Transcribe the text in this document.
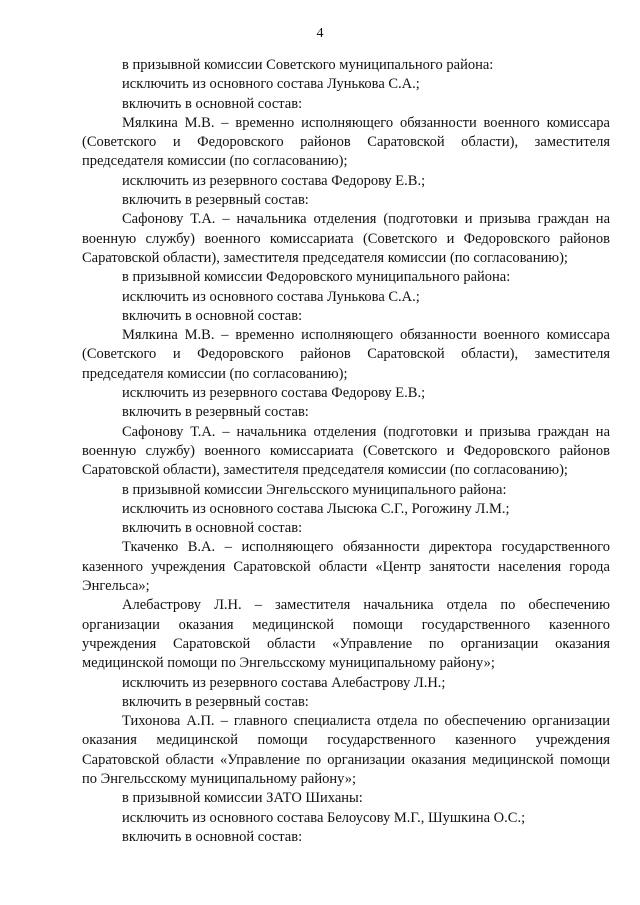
4

в призывной комиссии Советского муниципального района:

исключить из основного состава Лунькова С.А.;

включить в основной состав:

Мялкина М.В. – временно исполняющего обязанности военного комиссара (Советского и Федоровского районов Саратовской области), заместителя председателя комиссии (по согласованию);

исключить из резервного состава Федорову Е.В.;

включить в резервный состав:

Сафонову Т.А. – начальника отделения (подготовки и призыва граждан на военную службу) военного комиссариата (Советского и Федоровского районов Саратовской области), заместителя председателя комиссии (по согласованию);

в призывной комиссии Федоровского муниципального района:

исключить из основного состава Лунькова С.А.;

включить в основной состав:

Мялкина М.В. – временно исполняющего обязанности военного комиссара (Советского и Федоровского районов Саратовской области), заместителя председателя комиссии (по согласованию);

исключить из резервного состава Федорову Е.В.;

включить в резервный состав:

Сафонову Т.А. – начальника отделения (подготовки и призыва граждан на военную службу) военного комиссариата (Советского и Федоровского районов Саратовской области), заместителя председателя комиссии (по согласованию);

в призывной комиссии Энгельсского муниципального района:

исключить из основного состава Лысюка С.Г., Рогожину Л.М.;

включить в основной состав:

Ткаченко В.А. – исполняющего обязанности директора государственного казенного учреждения Саратовской области «Центр занятости населения города Энгельса»;

Алебастрову Л.Н. – заместителя начальника отдела по обеспечению организации оказания медицинской помощи государственного казенного учреждения Саратовской области «Управление по организации оказания медицинской помощи по Энгельсскому муниципальному району»;

исключить из резервного состава Алебастрову Л.Н.;

включить в резервный состав:

Тихонова А.П. – главного специалиста отдела по обеспечению организации оказания медицинской помощи государственного казенного учреждения Саратовской области «Управление по организации оказания медицинской помощи по Энгельсскому муниципальному району»;

в призывной комиссии ЗАТО Шиханы:

исключить из основного состава Белоусову М.Г., Шушкина О.С.;

включить в основной состав:
